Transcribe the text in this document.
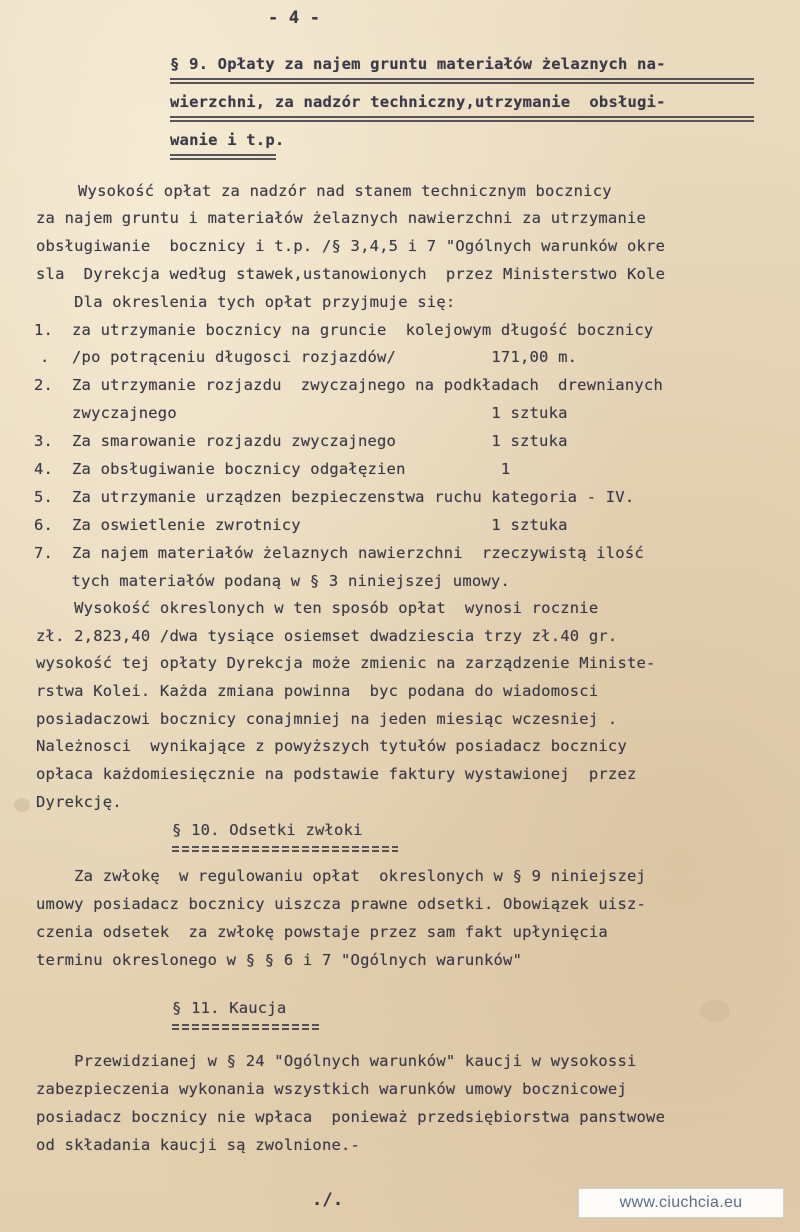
- 4 -
§ 9. Opłaty za najem gruntu materiałów żelaznych na-
wierzchni, za nadzór techniczny,utrzymanie  obsługi-
wanie i t.p.
Wysokość opłat za nadzór nad stanem technicznym bocznicy
za najem gruntu i materiałów żelaznych nawierzchni za utrzymanie
obsługiwanie  bocznicy i t.p. /§ 3,4,5 i 7 "Ogólnych warunków okre
sla  Dyrekcja według stawek,ustanowionych  przez Ministerstwo Kole
Dla okreslenia tych opłat przyjmuje się:
1. za utrzymanie bocznicy na gruncie  kolejowym długość bocznicy
. /po potrąceniu długosci rozjazdów/          171,00 m.
2. Za utrzymanie rozjazdu  zwyczajnego na podkładach  drewnianych
zwyczajnego                                 1 sztuka
3. Za smarowanie rozjazdu zwyczajnego          1 sztuka
4. Za obsługiwanie bocznicy odgałęzien          1
5. Za utrzymanie urządzen bezpieczenstwa ruchu kategoria - IV.
6. Za oswietlenie zwrotnicy                    1 sztuka
7. Za najem materiałów żelaznych nawierzchni  rzeczywistą ilość
tych materiałów podaną w § 3 niniejszej umowy.
Wysokość okreslonych w ten sposób opłat  wynosi rocznie
zł. 2,823,40 /dwa tysiące osiemset dwadziescia trzy zł.40 gr.
wysokość tej opłaty Dyrekcja może zmienic na zarządzenie Ministe-
rstwa Kolei. Każda zmiana powinna  byc podana do wiadomosci
posiadaczowi bocznicy conajmniej na jeden miesiąc wczesniej .
Należnosci  wynikające z powyższych tytułów posiadacz bocznicy
opłaca każdomiesięcznie na podstawie faktury wystawionej  przez
Dyrekcję.
§ 10. Odsetki zwłoki
Za zwłokę  w regulowaniu opłat  okreslonych w § 9 niniejszej
umowy posiadacz bocznicy uiszcza prawne odsetki. Obowiązek uisz-
czenia odsetek  za zwłokę powstaje przez sam fakt upłynięcia
terminu okreslonego w § § 6 i 7 "Ogólnych warunków"
§ 11. Kaucja
Przewidzianej w § 24 "Ogólnych warunków" kaucji w wysokossi
zabezpieczenia wykonania wszystkich warunków umowy bocznicowej
posiadacz bocznicy nie wpłaca  ponieważ przedsiębiorstwa panstwowe
od składania kaucji są zwolnione.-
./.	www.ciuchcia.eu
